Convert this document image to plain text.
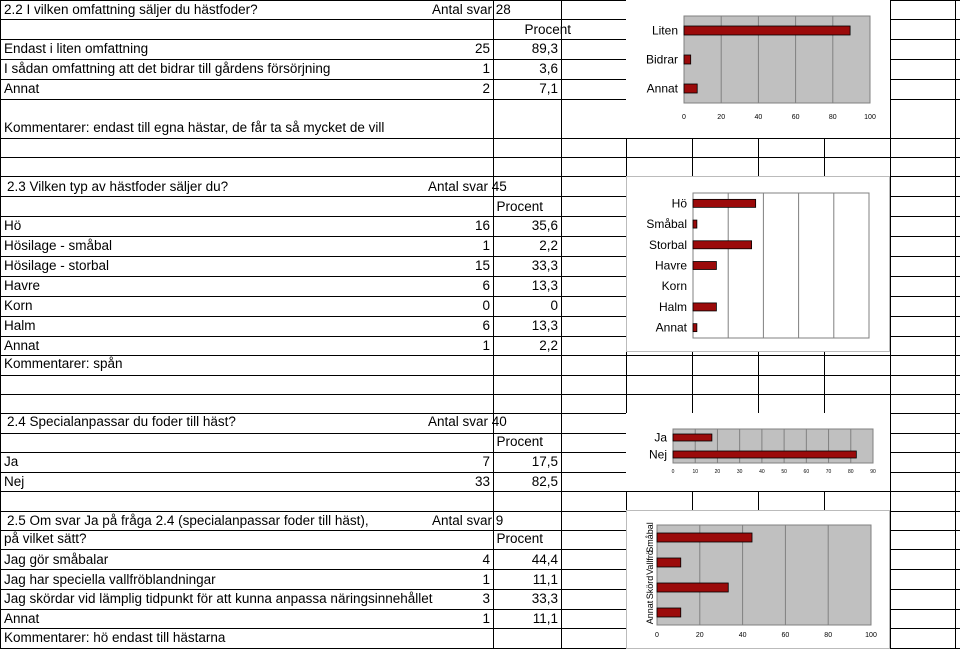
2.2 I vilken omfattning säljer du hästfoder?	Antal svar 28
Procent
Endast i liten omfattning	25	89,3
I sådan omfattning att det bidrar till gårdens försörjning	1	3,6
Annat	2	7,1
Kommentarer: endast till egna hästar, de får ta så mycket de vill
2.3 Vilken typ av hästfoder säljer du?	Antal svar 45
Procent
Hö	16	35,6
Hösilage - småbal	1	2,2
Hösilage - storbal	15	33,3
Havre	6	13,3
Korn	0	0
Halm	6	13,3
Annat	1	2,2
Kommentarer: spån
2.4 Specialanpassar du foder till häst?	Antal svar 40
Procent
Ja	7	17,5
Nej	33	82,5
2.5 Om svar Ja på fråga 2.4 (specialanpassar foder till häst),	Antal svar 9
på vilket sätt?	Procent
Jag gör småbalar	4	44,4
Jag har speciella vallfröblandningar	1	11,1
Jag skördar vid lämplig tidpunkt för att kunna anpassa näringsinnehållet	3	33,3
Annat	1	11,1
Kommentarer: hö endast till hästarna
Liten
Bidrar
Annat
0	20	40	60	80	100
Hö
Småbal
Storbal
Havre
Korn
Halm
Annat
Ja
Nej
0	10	20	30	40	50	60	70	80	90
Småbal
Vallfrö
Skörd
Annat
0	20	40	60	80	100
